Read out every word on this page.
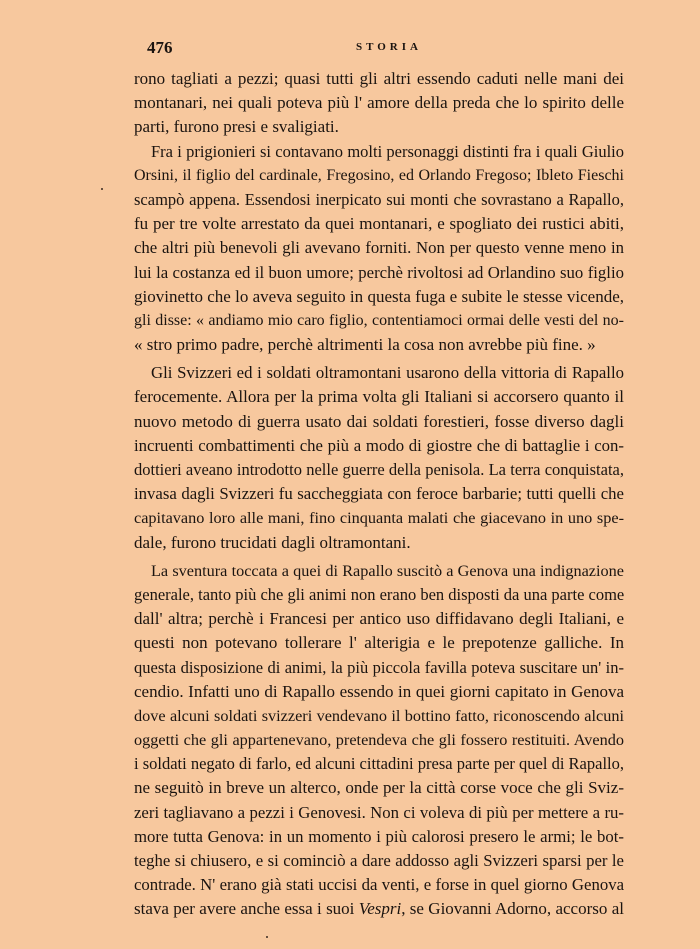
476	STORIA
rono tagliati a pezzi; quasi tutti gli altri essendo caduti nelle mani dei
montanari, nei quali poteva più l' amore della preda che lo spirito delle
parti, furono presi e svaligiati.
Fra i prigionieri si contavano molti personaggi distinti fra i quali Giulio
Orsini, il figlio del cardinale, Fregosino, ed Orlando Fregoso; Ibleto Fieschi
scampò appena. Essendosi inerpicato sui monti che sovrastano a Rapallo,
fu per tre volte arrestato da quei montanari, e spogliato dei rustici abiti,
che altri più benevoli gli avevano forniti. Non per questo venne meno in
lui la costanza ed il buon umore; perchè rivoltosi ad Orlandino suo figlio
giovinetto che lo aveva seguito in questa fuga e subite le stesse vicende,
gli disse: « andiamo mio caro figlio, contentiamoci ormai delle vesti del no-
« stro primo padre, perchè altrimenti la cosa non avrebbe più fine. »
Gli Svizzeri ed i soldati oltramontani usarono della vittoria di Rapallo
ferocemente. Allora per la prima volta gli Italiani si accorsero quanto il
nuovo metodo di guerra usato dai soldati forestieri, fosse diverso dagli
incruenti combattimenti che più a modo di giostre che di battaglie i con-
dottieri aveano introdotto nelle guerre della penisola. La terra conquistata,
invasa dagli Svizzeri fu saccheggiata con feroce barbarie; tutti quelli che
capitavano loro alle mani, fino cinquanta malati che giacevano in uno spe-
dale, furono trucidati dagli oltramontani.
La sventura toccata a quei di Rapallo suscitò a Genova una indignazione
generale, tanto più che gli animi non erano ben disposti da una parte come
dall' altra; perchè i Francesi per antico uso diffidavano degli Italiani, e
questi non potevano tollerare l' alterigia e le prepotenze galliche. In
questa disposizione di animi, la più piccola favilla poteva suscitare un' in-
cendio. Infatti uno di Rapallo essendo in quei giorni capitato in Genova
dove alcuni soldati svizzeri vendevano il bottino fatto, riconoscendo alcuni
oggetti che gli appartenevano, pretendeva che gli fossero restituiti. Avendo
i soldati negato di farlo, ed alcuni cittadini presa parte per quel di Rapallo,
ne seguitò in breve un alterco, onde per la città corse voce che gli Sviz-
zeri tagliavano a pezzi i Genovesi. Non ci voleva di più per mettere a ru-
more tutta Genova: in un momento i più calorosi presero le armi; le bot-
teghe si chiusero, e si cominciò a dare addosso agli Svizzeri sparsi per le
contrade. N' erano già stati uccisi da venti, e forse in quel giorno Genova
stava per avere anche essa i suoi Vespri, se Giovanni Adorno, accorso al
